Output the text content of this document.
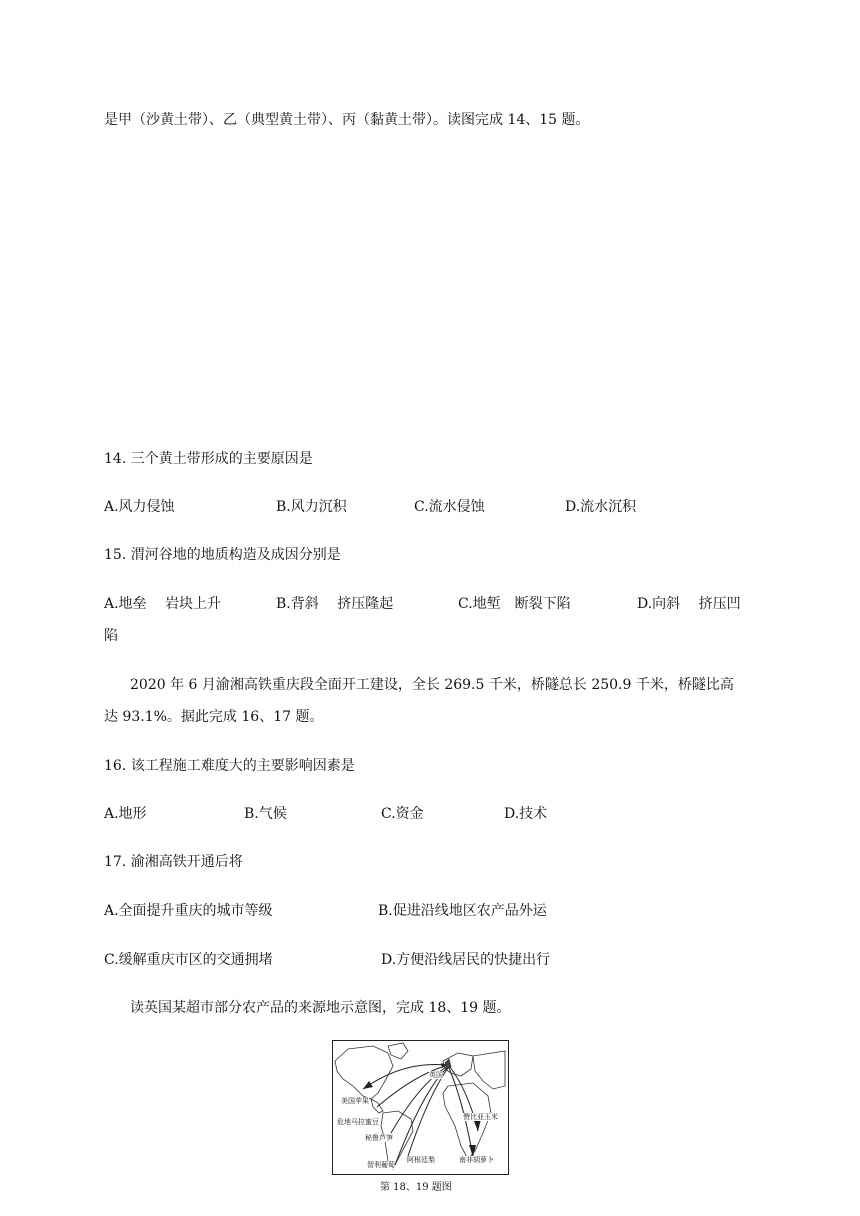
是甲（沙黄土带）、乙（典型黄土带）、丙（黏黄土带）。读图完成 14、15 题。
14. 三个黄土带形成的主要原因是
A.风力侵蚀	B.风力沉积	C.流水侵蚀	D.流水沉积
15. 渭河谷地的地质构造及成因分别是
A.地垒　 岩块上升	B.背斜　 挤压隆起	C.地堑　断裂下陷	D.向斜　 挤压凹
陷
2020 年 6 月渝湘高铁重庆段全面开工建设，全长 269.5 千米，桥隧总长 250.9 千米，桥隧比高
达 93.1%。据此完成 16、17 题。
16. 该工程施工难度大的主要影响因素是
A.地形	B.气候	C.资金	D.技术
17. 渝湘高铁开通后将
A.全面提升重庆的城市等级	B.促进沿线地区农产品外运
C.缓解重庆市区的交通拥堵	D.方便沿线居民的快捷出行
读英国某超市部分农产品的来源地示意图，完成 18、19 题。
英国
美国苹果
危地马拉蜜豆
秘鲁芦笋
智利葡萄
阿根廷梨
赞比亚玉米
南非胡萝卜
第 18、19 题图
